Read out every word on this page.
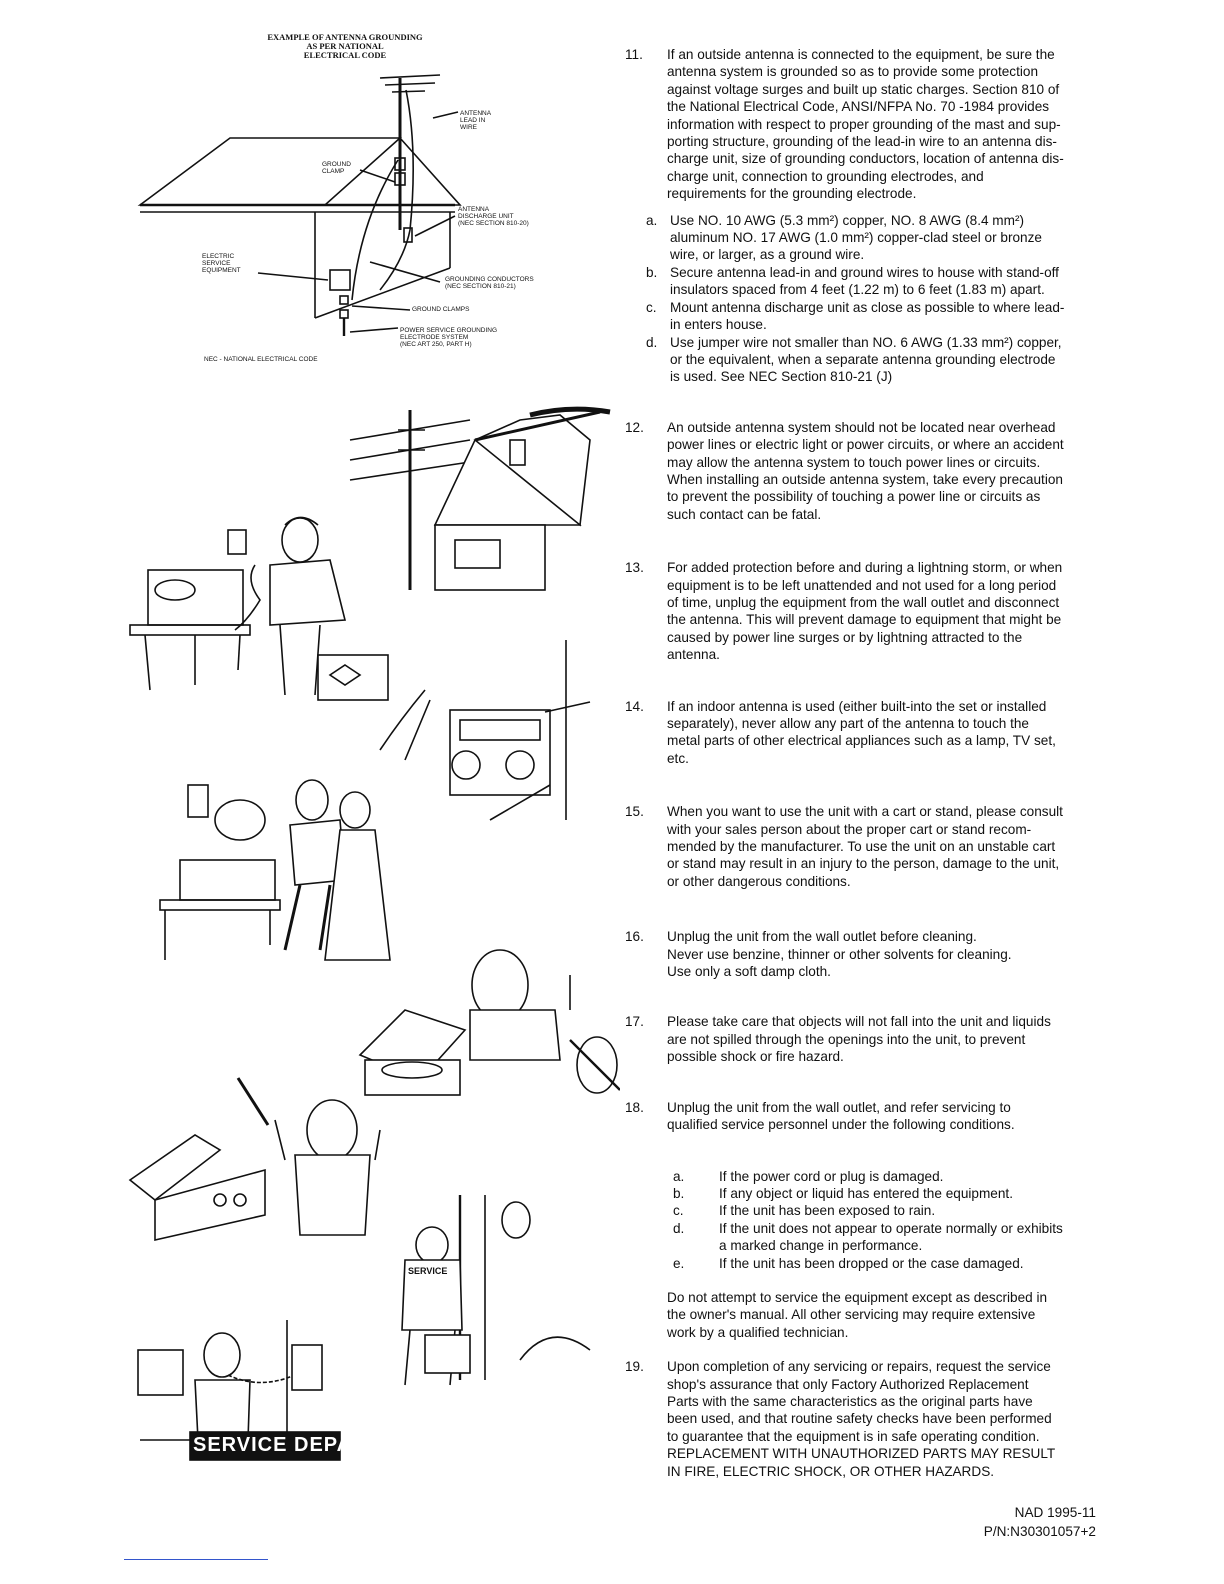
EXAMPLE OF ANTENNA GROUNDING
AS PER NATIONAL
ELECTRICAL CODE
ANTENNA
LEAD IN
WIRE
GROUND
CLAMP
ANTENNA
DISCHARGE UNIT
(NEC SECTION 810-20)
ELECTRIC
SERVICE
EQUIPMENT
GROUNDING CONDUCTORS
(NEC SECTION 810-21)
GROUND CLAMPS
POWER SERVICE GROUNDING
ELECTRODE SYSTEM
(NEC ART 250, PART H)
NEC - NATIONAL ELECTRICAL CODE
SERVICE DEPART
SERVICE

11. If an outside antenna is connected to the equipment, be sure the
antenna system is grounded so as to provide some protection
against voltage surges and built up static charges. Section 810 of
the National Electrical Code, ANSI/NFPA No. 70 -1984 provides
information with respect to proper grounding of the mast and sup-
porting structure, grounding of the lead-in wire to an antenna dis-
charge unit, size of grounding conductors, location of antenna dis-
charge unit, connection to grounding electrodes, and
requirements for the grounding electrode.

a. Use NO. 10 AWG (5.3 mm²) copper, NO. 8 AWG (8.4 mm²)
aluminum NO. 17 AWG (1.0 mm²) copper-clad steel or bronze
wire, or larger, as a ground wire.
b. Secure antenna lead-in and ground wires to house with stand-off
insulators spaced from 4 feet (1.22 m) to 6 feet (1.83 m) apart.
c. Mount antenna discharge unit as close as possible to where lead-
in enters house.
d. Use jumper wire not smaller than NO. 6 AWG (1.33 mm²) copper,
or the equivalent, when a separate antenna grounding electrode
is used. See NEC Section 810-21 (J)

12. An outside antenna system should not be located near overhead
power lines or electric light or power circuits, or where an accident
may allow the antenna system to touch power lines or circuits.
When installing an outside antenna system, take every precaution
to prevent the possibility of touching a power line or circuits as
such contact can be fatal.

13. For added protection before and during a lightning storm, or when
equipment is to be left unattended and not used for a long period
of time, unplug the equipment from the wall outlet and disconnect
the antenna. This will prevent damage to equipment that might be
caused by power line surges or by lightning attracted to the
antenna.

14. If an indoor antenna is used (either built-into the set or installed
separately), never allow any part of the antenna to touch the
metal parts of other electrical appliances such as a lamp, TV set,
etc.

15. When you want to use the unit with a cart or stand, please consult
with your sales person about the proper cart or stand recom-
mended by the manufacturer. To use the unit on an unstable cart
or stand may result in an injury to the person, damage to the unit,
or other dangerous conditions.

16. Unplug the unit from the wall outlet before cleaning.
Never use benzine, thinner or other solvents for cleaning.
Use only a soft damp cloth.

17. Please take care that objects will not fall into the unit and liquids
are not spilled through the openings into the unit, to prevent
possible shock or fire hazard.

18. Unplug the unit from the wall outlet, and refer servicing to
qualified service personnel under the following conditions.

a.	If the power cord or plug is damaged.
b.	If any object or liquid has entered the equipment.
c.	If the unit has been exposed to rain.
d.	If the unit does not appear to operate normally or exhibits
a marked change in performance.
e.	If the unit has been dropped or the case damaged.

Do not attempt to service the equipment except as described in
the owner's manual. All other servicing may require extensive
work by a qualified technician.

19. Upon completion of any servicing or repairs, request the service
shop's assurance that only Factory Authorized Replacement
Parts with the same characteristics as the original parts have
been used, and that routine safety checks have been performed
to guarantee that the equipment is in safe operating condition.
REPLACEMENT WITH UNAUTHORIZED PARTS MAY RESULT
IN FIRE, ELECTRIC SHOCK, OR OTHER HAZARDS.

NAD 1995-11
P/N:N30301057+2
